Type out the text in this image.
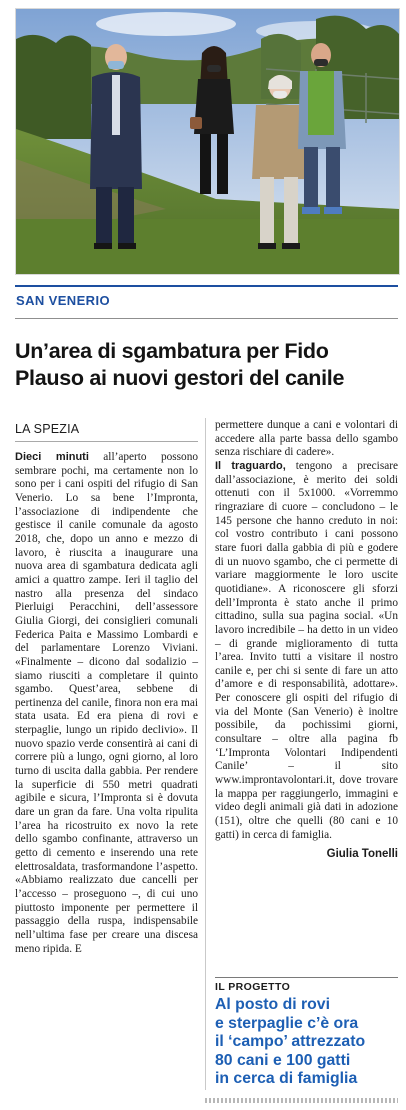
SAN VENERIO
Un’area di sgambatura per Fido
Plauso ai nuovi gestori del canile
LA SPEZIA

Dieci minuti all’aperto possono sembrare pochi, ma certamente non lo sono per i cani ospiti del rifugio di San Venerio. Lo sa bene l’Impronta, l’associazione di indipendente che gestisce il canile comunale da agosto 2018, che, dopo un anno e mezzo di lavoro, è riuscita a inaugurare una nuova area di sgambatura dedicata agli amici a quattro zampe. Ieri il taglio del nastro alla presenza del sindaco Pierluigi Peracchini, dell’assessore Giulia Giorgi, dei consiglieri comunali Federica Paita e Massimo Lombardi e del parlamentare Lorenzo Viviani. «Finalmente – dicono dal sodalizio – siamo riusciti a completare il quinto sgambo. Quest’area, sebbene di pertinenza del canile, finora non era mai stata usata. Ed era piena di rovi e sterpaglie, lungo un ripido declivio». Il nuovo spazio verde consentirà ai cani di correre più a lungo, ogni giorno, al loro turno di uscita dalla gabbia. Per rendere la superficie di 550 metri quadrati agibile e sicura, l’Impronta si è dovuta dare un gran da fare. Una volta ripulita l’area ha ricostruito ex novo la rete dello sgambo confinante, attraverso un getto di cemento e inserendo una rete elettrosaldata, trasformandone l’aspetto. «Abbiamo realizzato due cancelli per l’accesso – proseguono –, di cui uno piuttosto imponente per permettere il passaggio della ruspa, indispensabile nell’ultima fase per creare una discesa meno ripida. E

permettere dunque a cani e volontari di accedere alla parte bassa dello sgambo senza rischiare di cadere».
Il traguardo, tengono a precisare dall’associazione, è merito dei soldi ottenuti con il 5x1000. «Vorremmo ringraziare di cuore – concludono – le 145 persone che hanno creduto in noi: col vostro contributo i cani possono stare fuori dalla gabbia di più e godere di un nuovo sgambo, che ci permette di variare maggiormente le loro uscite quotidiane». A riconoscere gli sforzi dell’Impronta è stato anche il primo cittadino, sulla sua pagina social. «Un lavoro incredibile – ha detto in un video – di grande miglioramento di tutta l’area. Invito tutti a visitare il nostro canile e, per chi si sente di fare un atto d’amore e di responsabilità, adottare». Per conoscere gli ospiti del rifugio di via del Monte (San Venerio) è inoltre possibile, da pochissimi giorni, consultare – oltre alla pagina fb ‘L’Impronta Volontari Indipendenti Canile’ – il sito www.improntavolontari.it, dove trovare la mappa per raggiungerlo, immagini e video degli animali già dati in adozione (151), oltre che quelli (80 cani e 10 gatti) in cerca di famiglia.

Giulia Tonelli
IL PROGETTO
Al posto di rovi
e sterpaglie c’è ora
il ‘campo’ attrezzato
80 cani e 100 gatti
in cerca di famiglia
